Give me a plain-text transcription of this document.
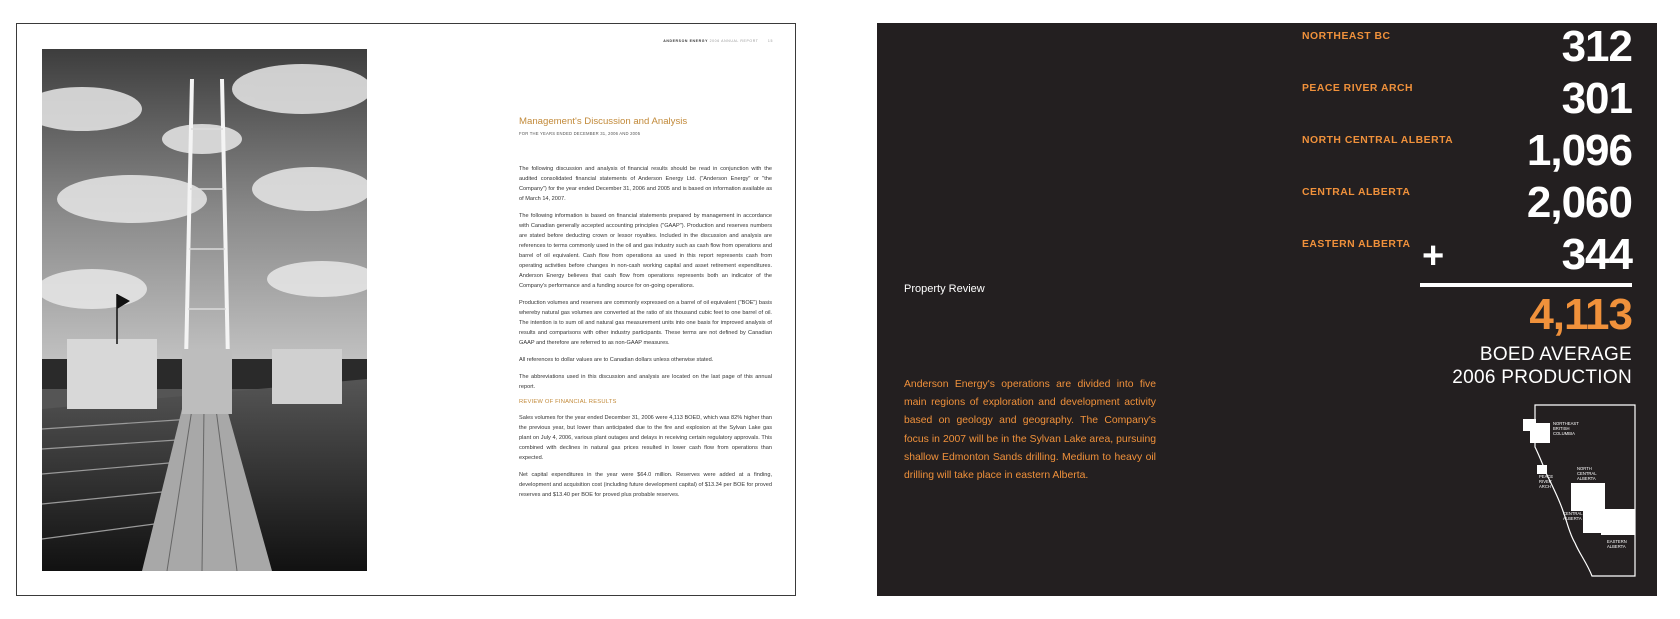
ANDERSON ENERGY 2006 ANNUAL REPORT	15
Management's Discussion and Analysis
FOR THE YEARS ENDED DECEMBER 31, 2006 AND 2005

The following discussion and analysis of financial results should be read in conjunction with the audited consolidated financial statements of Anderson Energy Ltd. ("Anderson Energy" or "the Company") for the year ended December 31, 2006 and 2005 and is based on information available as of March 14, 2007.

The following information is based on financial statements prepared by management in accordance with Canadian generally accepted accounting principles ("GAAP"). Production and reserves numbers are stated before deducting crown or lessor royalties. Included in the discussion and analysis are references to terms commonly used in the oil and gas industry such as cash flow from operations and barrel of oil equivalent. Cash flow from operations as used in this report represents cash from operating activities before changes in non-cash working capital and asset retirement expenditures. Anderson Energy believes that cash flow from operations represents both an indicator of the Company's performance and a funding source for on-going operations.

Production volumes and reserves are commonly expressed on a barrel of oil equivalent ("BOE") basis whereby natural gas volumes are converted at the ratio of six thousand cubic feet to one barrel of oil. The intention is to sum oil and natural gas measurement units into one basis for improved analysis of results and comparisons with other industry participants. These terms are not defined by Canadian GAAP and therefore are referred to as non-GAAP measures.

All references to dollar values are to Canadian dollars unless otherwise stated.

The abbreviations used in this discussion and analysis are located on the last page of this annual report.

REVIEW OF FINANCIAL RESULTS

Sales volumes for the year ended December 31, 2006 were 4,113 BOED, which was 82% higher than the previous year, but lower than anticipated due to the fire and explosion at the Sylvan Lake gas plant on July 4, 2006, various plant outages and delays in receiving certain regulatory approvals. This combined with declines in natural gas prices resulted in lower cash flow from operations than expected.

Net capital expenditures in the year were $64.0 million. Reserves were added at a finding, development and acquisition cost (including future development capital) of $13.34 per BOE for proved reserves and $13.40 per BOE for proved plus probable reserves.

Property Review
Anderson Energy's operations are divided into five main regions of exploration and development activity based on geology and geography. The Company's focus in 2007 will be in the Sylvan Lake area, pursuing shallow Edmonton Sands drilling. Medium to heavy oil drilling will take place in eastern Alberta.
NORTHEAST BC	312
PEACE RIVER ARCH	301
NORTH CENTRAL ALBERTA 1,096
CENTRAL ALBERTA	2,060
EASTERN ALBERTA	344
+
4,113
BOED AVERAGE
2006 PRODUCTION
NORTHEAST
BRITISH
COLUMBIA
PEACE
RIVER
ARCH
NORTH
CENTRAL
ALBERTA
CENTRAL
ALBERTA
EASTERN
ALBERTA
